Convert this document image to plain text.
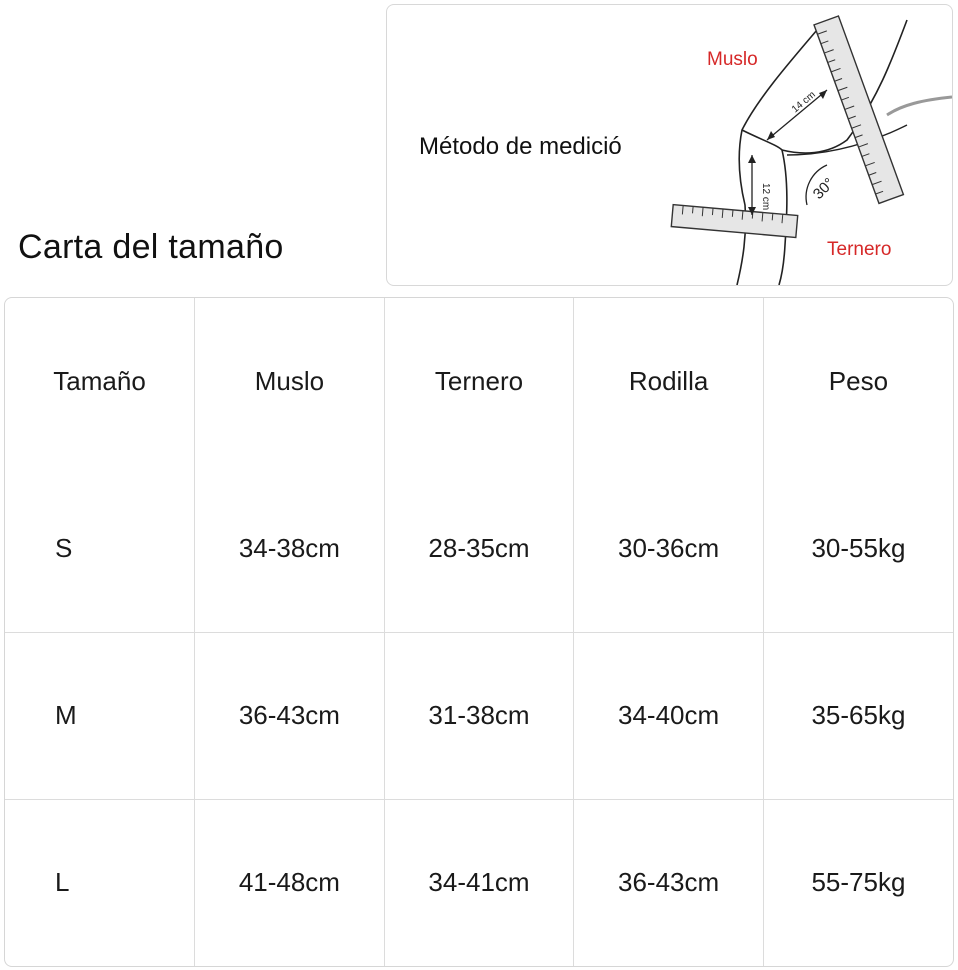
Carta del tamaño
Método de medició
Muslo
Ternero
14 cm
12 cm	30°
Tamaño	Muslo	Ternero	Rodilla	Peso
S	34-38cm	28-35cm	30-36cm	30-55kg
M	36-43cm	31-38cm	34-40cm	35-65kg
L	41-48cm	34-41cm	36-43cm	55-75kg
